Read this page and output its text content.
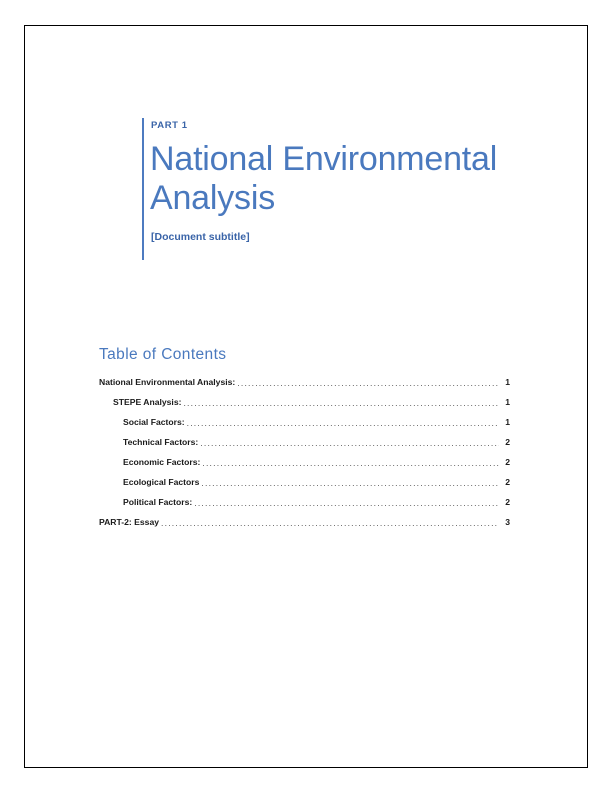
PART 1
National Environmental Analysis
[Document subtitle]
Table of Contents
National Environmental Analysis: .....	1
STEPE Analysis: .....	1
Social Factors: .....	1
Technical Factors: .....	2
Economic Factors: .....	2
Ecological Factors .....	2
Political Factors: .....	2
PART-2: Essay .....	3
